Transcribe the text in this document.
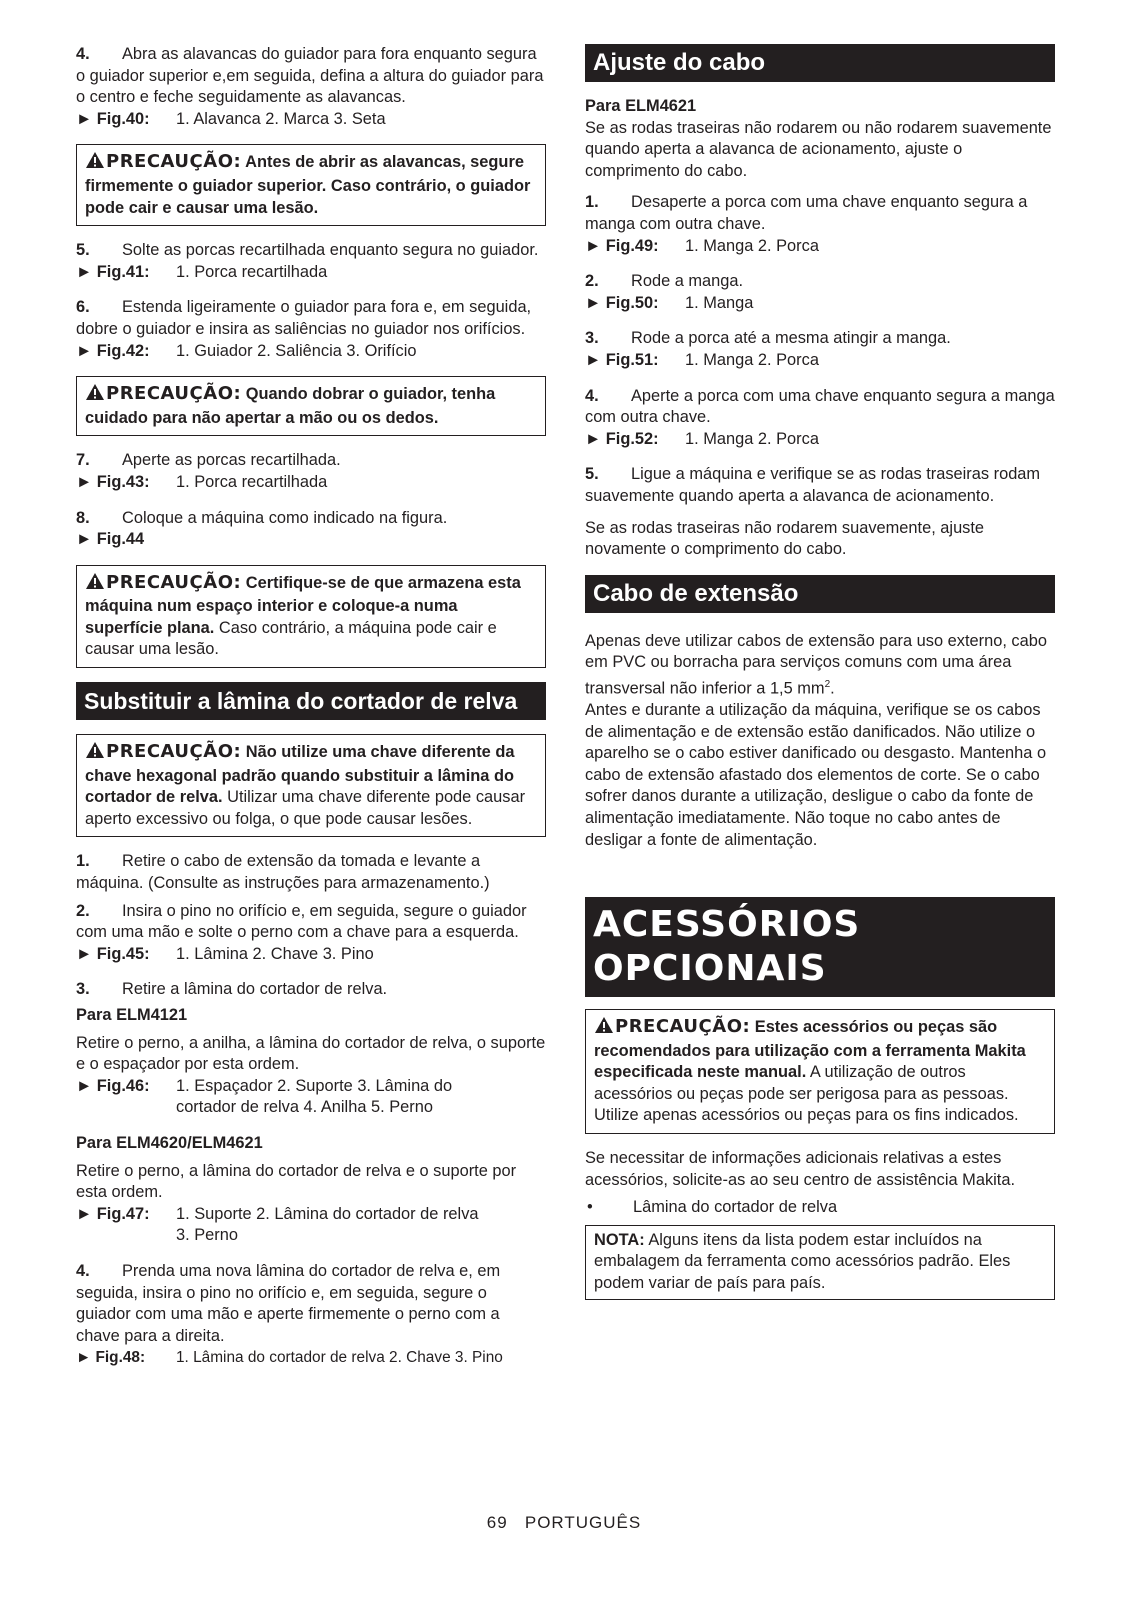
4. Abra as alavancas do guiador para fora enquanto segura o guiador superior e,em seguida, defina a altura do guiador para o centro e feche seguidamente as alavancas.
► Fig.40: 1. Alavanca 2. Marca 3. Seta
PRECAUÇÃO: Antes de abrir as alavancas, segure firmemente o guiador superior. Caso contrário, o guiador pode cair e causar uma lesão.
5. Solte as porcas recartilhada enquanto segura no guiador.
► Fig.41: 1. Porca recartilhada
6. Estenda ligeiramente o guiador para fora e, em seguida, dobre o guiador e insira as saliências no guiador nos orifícios.
► Fig.42: 1. Guiador 2. Saliência 3. Orifício
PRECAUÇÃO: Quando dobrar o guiador, tenha cuidado para não apertar a mão ou os dedos.
7. Aperte as porcas recartilhada.
► Fig.43: 1. Porca recartilhada
8. Coloque a máquina como indicado na figura.
► Fig.44
PRECAUÇÃO: Certifique-se de que armazena esta máquina num espaço interior e coloque-a numa superfície plana. Caso contrário, a máquina pode cair e causar uma lesão.
Substituir a lâmina do cortador de relva
PRECAUÇÃO: Não utilize uma chave diferente da chave hexagonal padrão quando substituir a lâmina do cortador de relva. Utilizar uma chave diferente pode causar aperto excessivo ou folga, o que pode causar lesões.
1. Retire o cabo de extensão da tomada e levante a máquina. (Consulte as instruções para armazenamento.)
2. Insira o pino no orifício e, em seguida, segure o guiador com uma mão e solte o perno com a chave para a esquerda.
► Fig.45: 1. Lâmina 2. Chave 3. Pino
3. Retire a lâmina do cortador de relva.

Para ELM4121

Retire o perno, a anilha, a lâmina do cortador de relva, o suporte e o espaçador por esta ordem.

► Fig.46: 1. Espaçador 2. Suporte 3. Lâmina do
cortador de relva 4. Anilha 5. Perno

Para ELM4620/ELM4621

Retire o perno, a lâmina do cortador de relva e o suporte por esta ordem.

► Fig.47: 1. Suporte 2. Lâmina do cortador de relva
3. Perno
4. Prenda uma nova lâmina do cortador de relva e, em seguida, insira o pino no orifício e, em seguida, segure o guiador com uma mão e aperte firmemente o perno com a chave para a direita.
► Fig.48: 1. Lâmina do cortador de relva 2. Chave 3. Pino
Ajuste do cabo

Para ELM4621

Se as rodas traseiras não rodarem ou não rodarem suavemente quando aperta a alavanca de acionamento, ajuste o comprimento do cabo.

1. Desaperte a porca com uma chave enquanto segura a manga com outra chave.
► Fig.49: 1. Manga 2. Porca
2. Rode a manga.
► Fig.50: 1. Manga
3. Rode a porca até a mesma atingir a manga.
► Fig.51: 1. Manga 2. Porca
4. Aperte a porca com uma chave enquanto segura a manga com outra chave.
► Fig.52: 1. Manga 2. Porca
5. Ligue a máquina e verifique se as rodas traseiras rodam suavemente quando aperta a alavanca de acionamento.

Se as rodas traseiras não rodarem suavemente, ajuste novamente o comprimento do cabo.

Cabo de extensão

Apenas deve utilizar cabos de extensão para uso externo, cabo em PVC ou borracha para serviços comuns com uma área transversal não inferior a 1,5 $mm^2$.

Antes e durante a utilização da máquina, verifique se os cabos de alimentação e de extensão estão danificados. Não utilize o aparelho se o cabo estiver danificado ou desgasto. Mantenha o cabo de extensão afastado dos elementos de corte. Se o cabo sofrer danos durante a utilização, desligue o cabo da fonte de alimentação imediatamente. Não toque no cabo antes de desligar a fonte de alimentação.

ACESSÓRIOS
OPCIONAIS
PRECAUÇÃO: Estes acessórios ou peças são recomendados para utilização com a ferramenta Makita especificada neste manual. A utilização de outros acessórios ou peças pode ser perigosa para as pessoas. Utilize apenas acessórios ou peças para os fins indicados.

Se necessitar de informações adicionais relativas a estes acessórios, solicite-as ao seu centro de assistência Makita.

•	Lâmina do cortador de relva
NOTA: Alguns itens da lista podem estar incluídos na embalagem da ferramenta como acessórios padrão. Eles podem variar de país para país.
69 PORTUGUÊS
